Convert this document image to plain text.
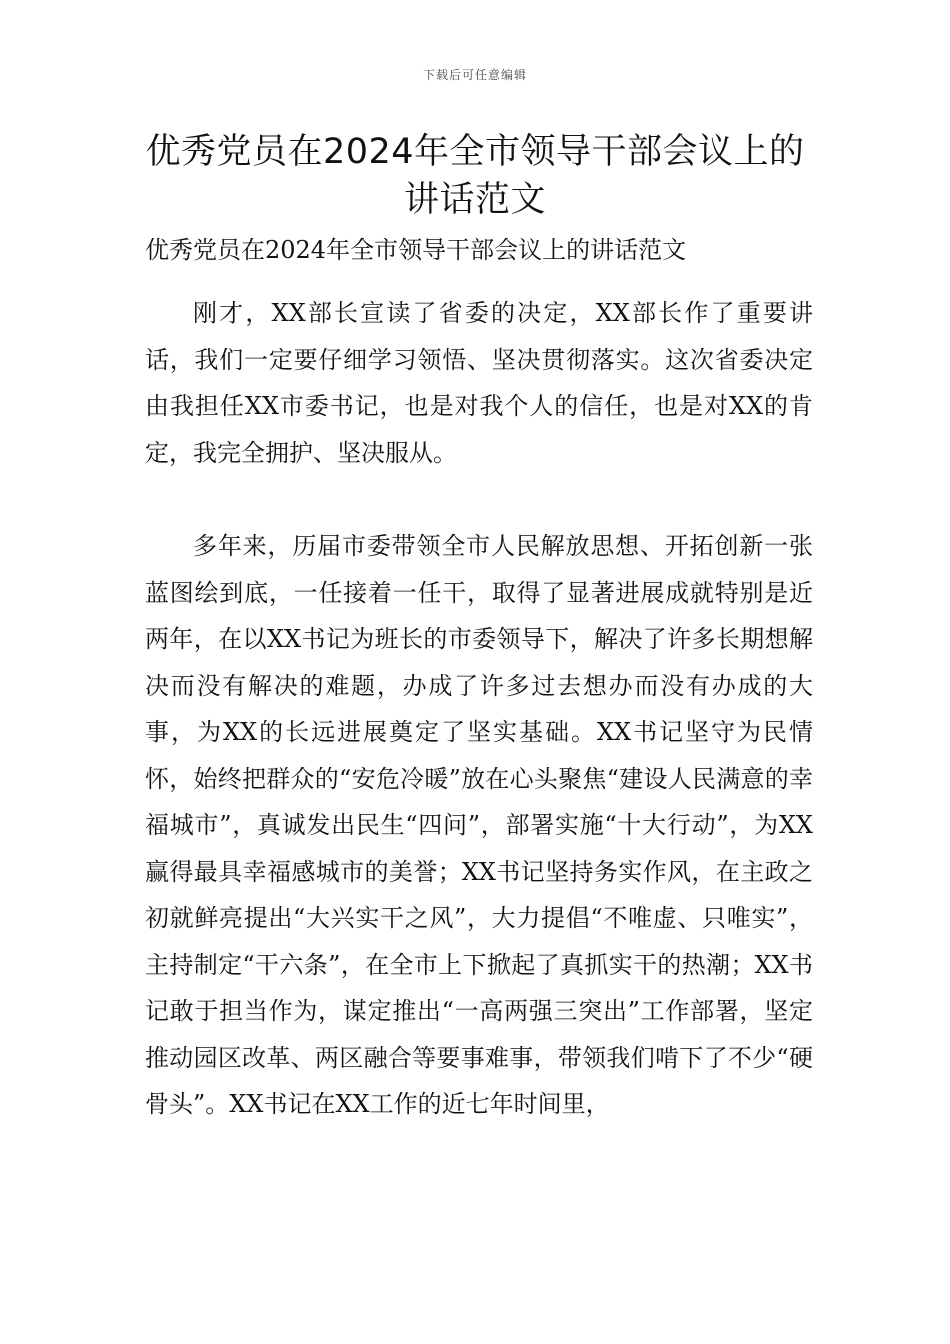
下载后可任意编辑
优秀党员在2024年全市领导干部会议上的讲话范文

优秀党员在2024年全市领导干部会议上的讲话范文

刚才，XX部长宣读了省委的决定，XX部长作了重要讲话，我们一定要仔细学习领悟、坚决贯彻落实。这次省委决定由我担任XX市委书记，也是对我个人的信任，也是对XX的肯定，我完全拥护、坚决服从。

多年来，历届市委带领全市人民解放思想、开拓创新一张蓝图绘到底，一任接着一任干，取得了显著进展成就特别是近两年，在以XX书记为班长的市委领导下，解决了许多长期想解决而没有解决的难题，办成了许多过去想办而没有办成的大事，为XX的长远进展奠定了坚实基础。XX书记坚守为民情怀，始终把群众的“安危冷暖”放在心头聚焦“建设人民满意的幸福城市”，真诚发出民生“四问”，部署实施“十大行动”，为XX赢得最具幸福感城市的美誉；XX书记坚持务实作风，在主政之初就鲜亮提出“大兴实干之风”，大力提倡“不唯虚、只唯实”，主持制定“干六条”，在全市上下掀起了真抓实干的热潮；XX书记敢于担当作为，谋定推出“一高两强三突出”工作部署，坚定推动园区改革、两区融合等要事难事，带领我们啃下了不少“硬骨头”。XX书记在XX工作的近七年时间里，
